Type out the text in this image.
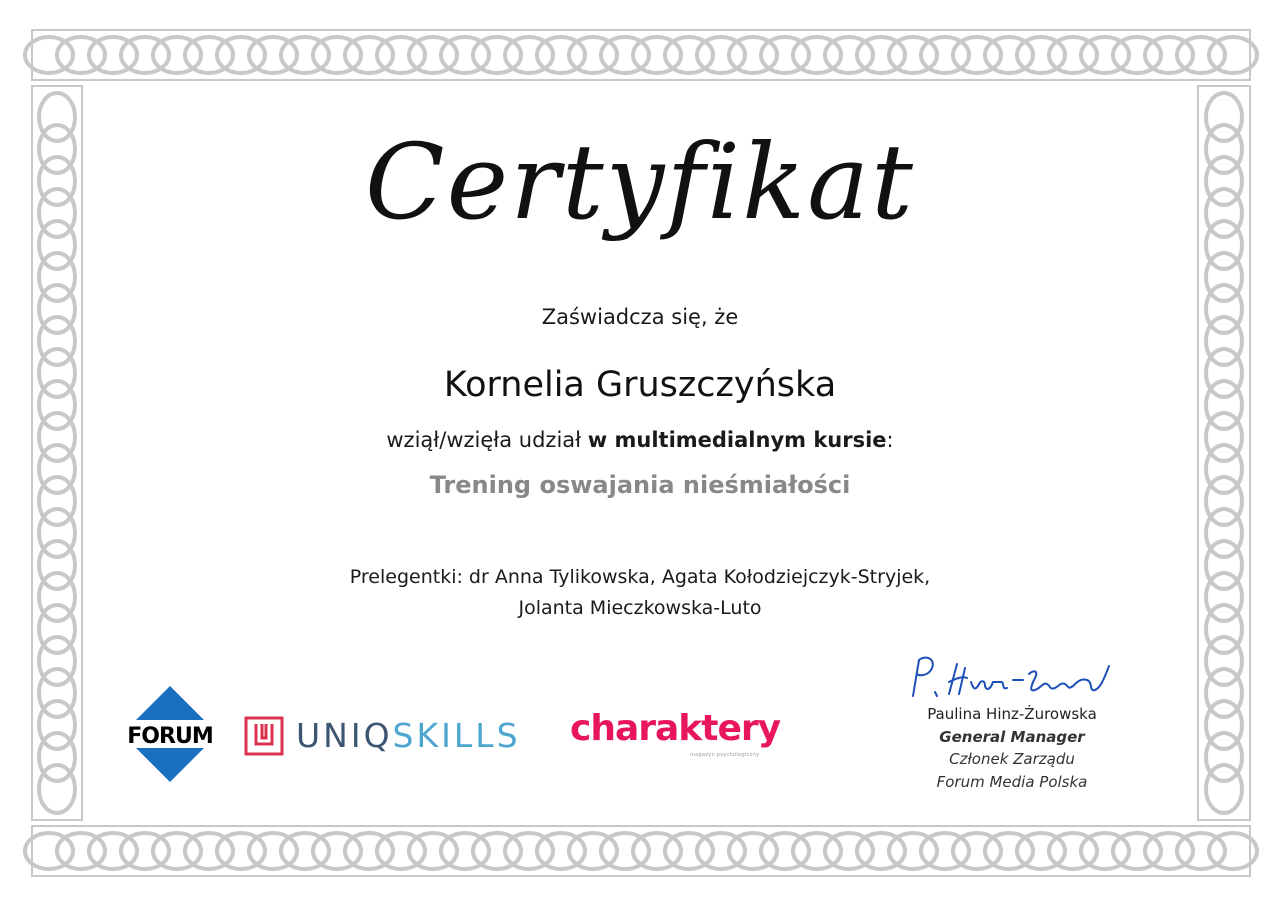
Certyfikat
Zaświadcza się, że
Kornelia Gruszczyńska
wziął/wzięła udział w multimedialnym kursie:
Trening oswajania nieśmiałości
Prelegentki: dr Anna Tylikowska, Agata Kołodziejczyk-Stryjek,
Jolanta Mieczkowska-Luto
FORUM	UNIQSKILLS charaktery
magazyn psychologiczny
Paulina Hinz-Żurowska
General Manager
Członek Zarządu
Forum Media Polska
